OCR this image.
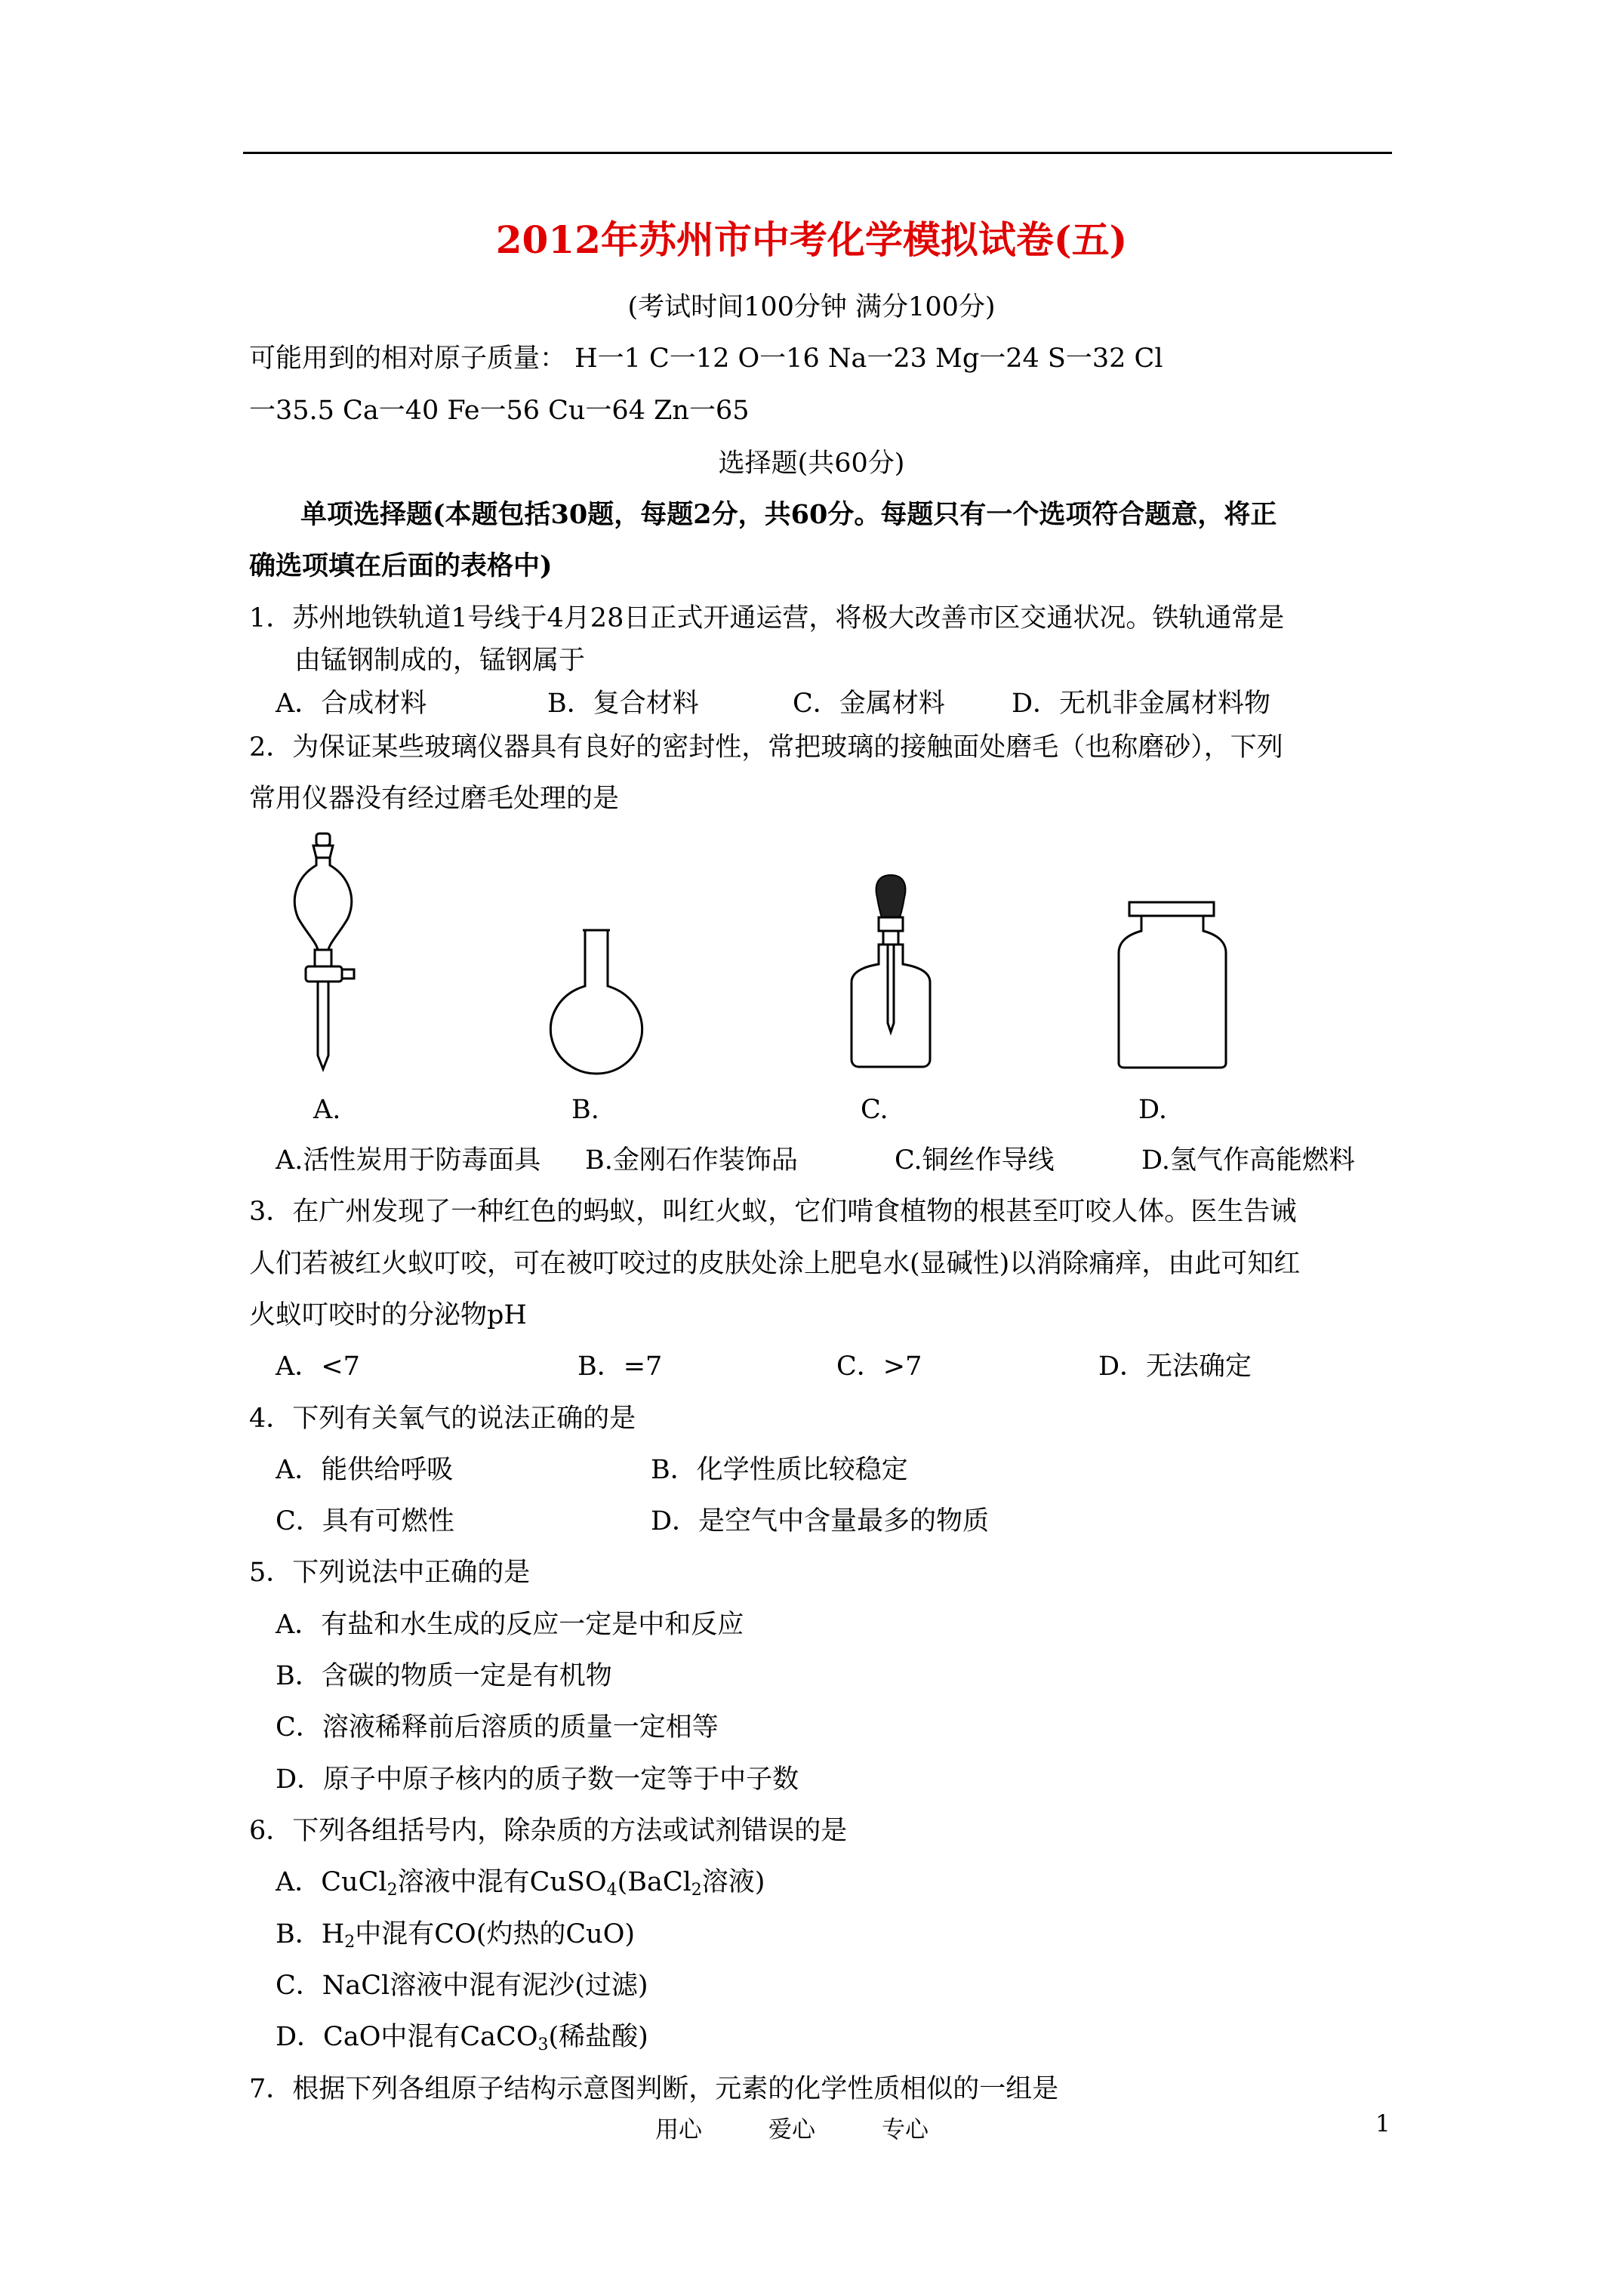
2012年苏州市中考化学模拟试卷(五)
(考试时间100分钟 满分100分)
可能用到的相对原子质量： H一1 C一12 O一16 Na一23 Mg一24 S一32 Cl
一35.5 Ca一40 Fe一56 Cu一64 Zn一65
选择题(共60分)
单项选择题(本题包括30题，每题2分，共60分。每题只有一个选项符合题意，将正
确选项填在后面的表格中)
1．苏州地铁轨道1号线于4月28日正式开通运营，将极大改善市区交通状况。铁轨通常是
由锰钢制成的，锰钢属于
A．合成材料	B．复合材料	C．金属材料	D．无机非金属材料物
2．为保证某些玻璃仪器具有良好的密封性，常把玻璃的接触面处磨毛（也称磨砂），下列
常用仪器没有经过磨毛处理的是
A.	B.	C.	D.
A.活性炭用于防毒面具 B.金刚石作装饰品	C.铜丝作导线	D.氢气作高能燃料
3．在广州发现了一种红色的蚂蚁，叫红火蚁，它们啃食植物的根甚至叮咬人体。医生告诫
人们若被红火蚁叮咬，可在被叮咬过的皮肤处涂上肥皂水(显碱性)以消除痛痒，由此可知红
火蚁叮咬时的分泌物pH
A．<7	B．=7	C．>7	D．无法确定
4．下列有关氧气的说法正确的是
A．能供给呼吸	B．化学性质比较稳定
C．具有可燃性	D．是空气中含量最多的物质
5．下列说法中正确的是
A．有盐和水生成的反应一定是中和反应
B．含碳的物质一定是有机物
C．溶液稀释前后溶质的质量一定相等
D．原子中原子核内的质子数一定等于中子数
6．下列各组括号内，除杂质的方法或试剂错误的是
A．CuCl$_2$溶液中混有CuSO$_4$(BaCl$_2$溶液)
B．$H_2$中混有CO(灼热的CuO)
C．NaCl溶液中混有泥沙(过滤)
D．CaO中混有CaCO$_3$(稀盐酸)
7．根据下列各组原子结构示意图判断，元素的化学性质相似的一组是
用心	爱心	专心	1
